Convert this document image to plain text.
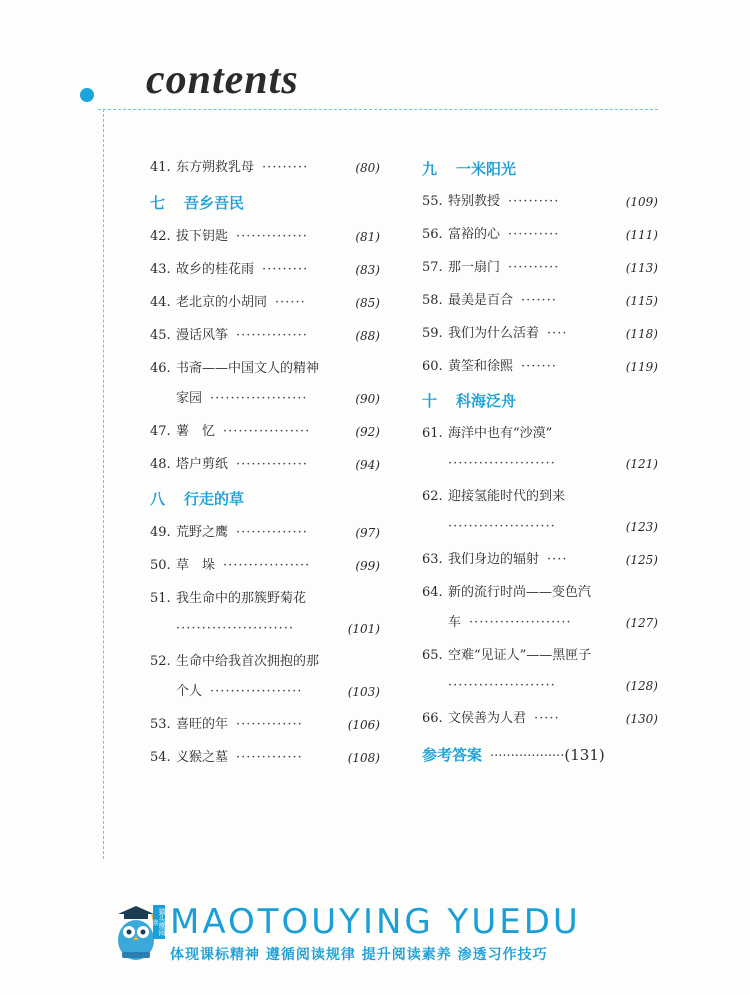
contents
41. 东方朔救乳母 ·········	(80)
七 吾乡吾民
42. 拔下钥匙 ··············	(81)
43. 故乡的桂花雨 ·········	(83)
44. 老北京的小胡同 ······	(85)
45. 漫话风筝 ··············	(88)
46. 书斋——中国文人的精神
家园 ···················	(90)
47. 薯　忆 ·················	(92)
48. 塔户剪纸 ··············	(94)
八 行走的草
49. 荒野之鹰 ··············	(97)
50. 草　垛 ·················	(99)
51. 我生命中的那簇野菊花
·······················	(101)
52. 生命中给我首次拥抱的那
个人 ··················	(103)
53. 喜旺的年 ·············	(106)
54. 义猴之墓 ·············	(108)
九 一米阳光
55. 特别教授 ··········	(109)
56. 富裕的心 ··········	(111)
57. 那一扇门 ··········	(113)
58. 最美是百合 ·······	(115)
59. 我们为什么活着 ····	(118)
60. 黄筌和徐熙 ·······	(119)
十 科海泛舟
61. 海洋中也有“沙漠”
·····················	(121)
62. 迎接氢能时代的到来
·····················	(123)
63. 我们身边的辐射 ····	(125)
64. 新的流行时尚——变色汽
车 ····················	(127)
65. 空难“见证人”——黑匣子
·····················	(128)
66. 文侯善为人君 ·····	(130)
参考答案 ··················(131)
猫头鹰阅读 MAOTOUYING YUEDU
体现课标精神 遵循阅读规律 提升阅读素养 渗透习作技巧
